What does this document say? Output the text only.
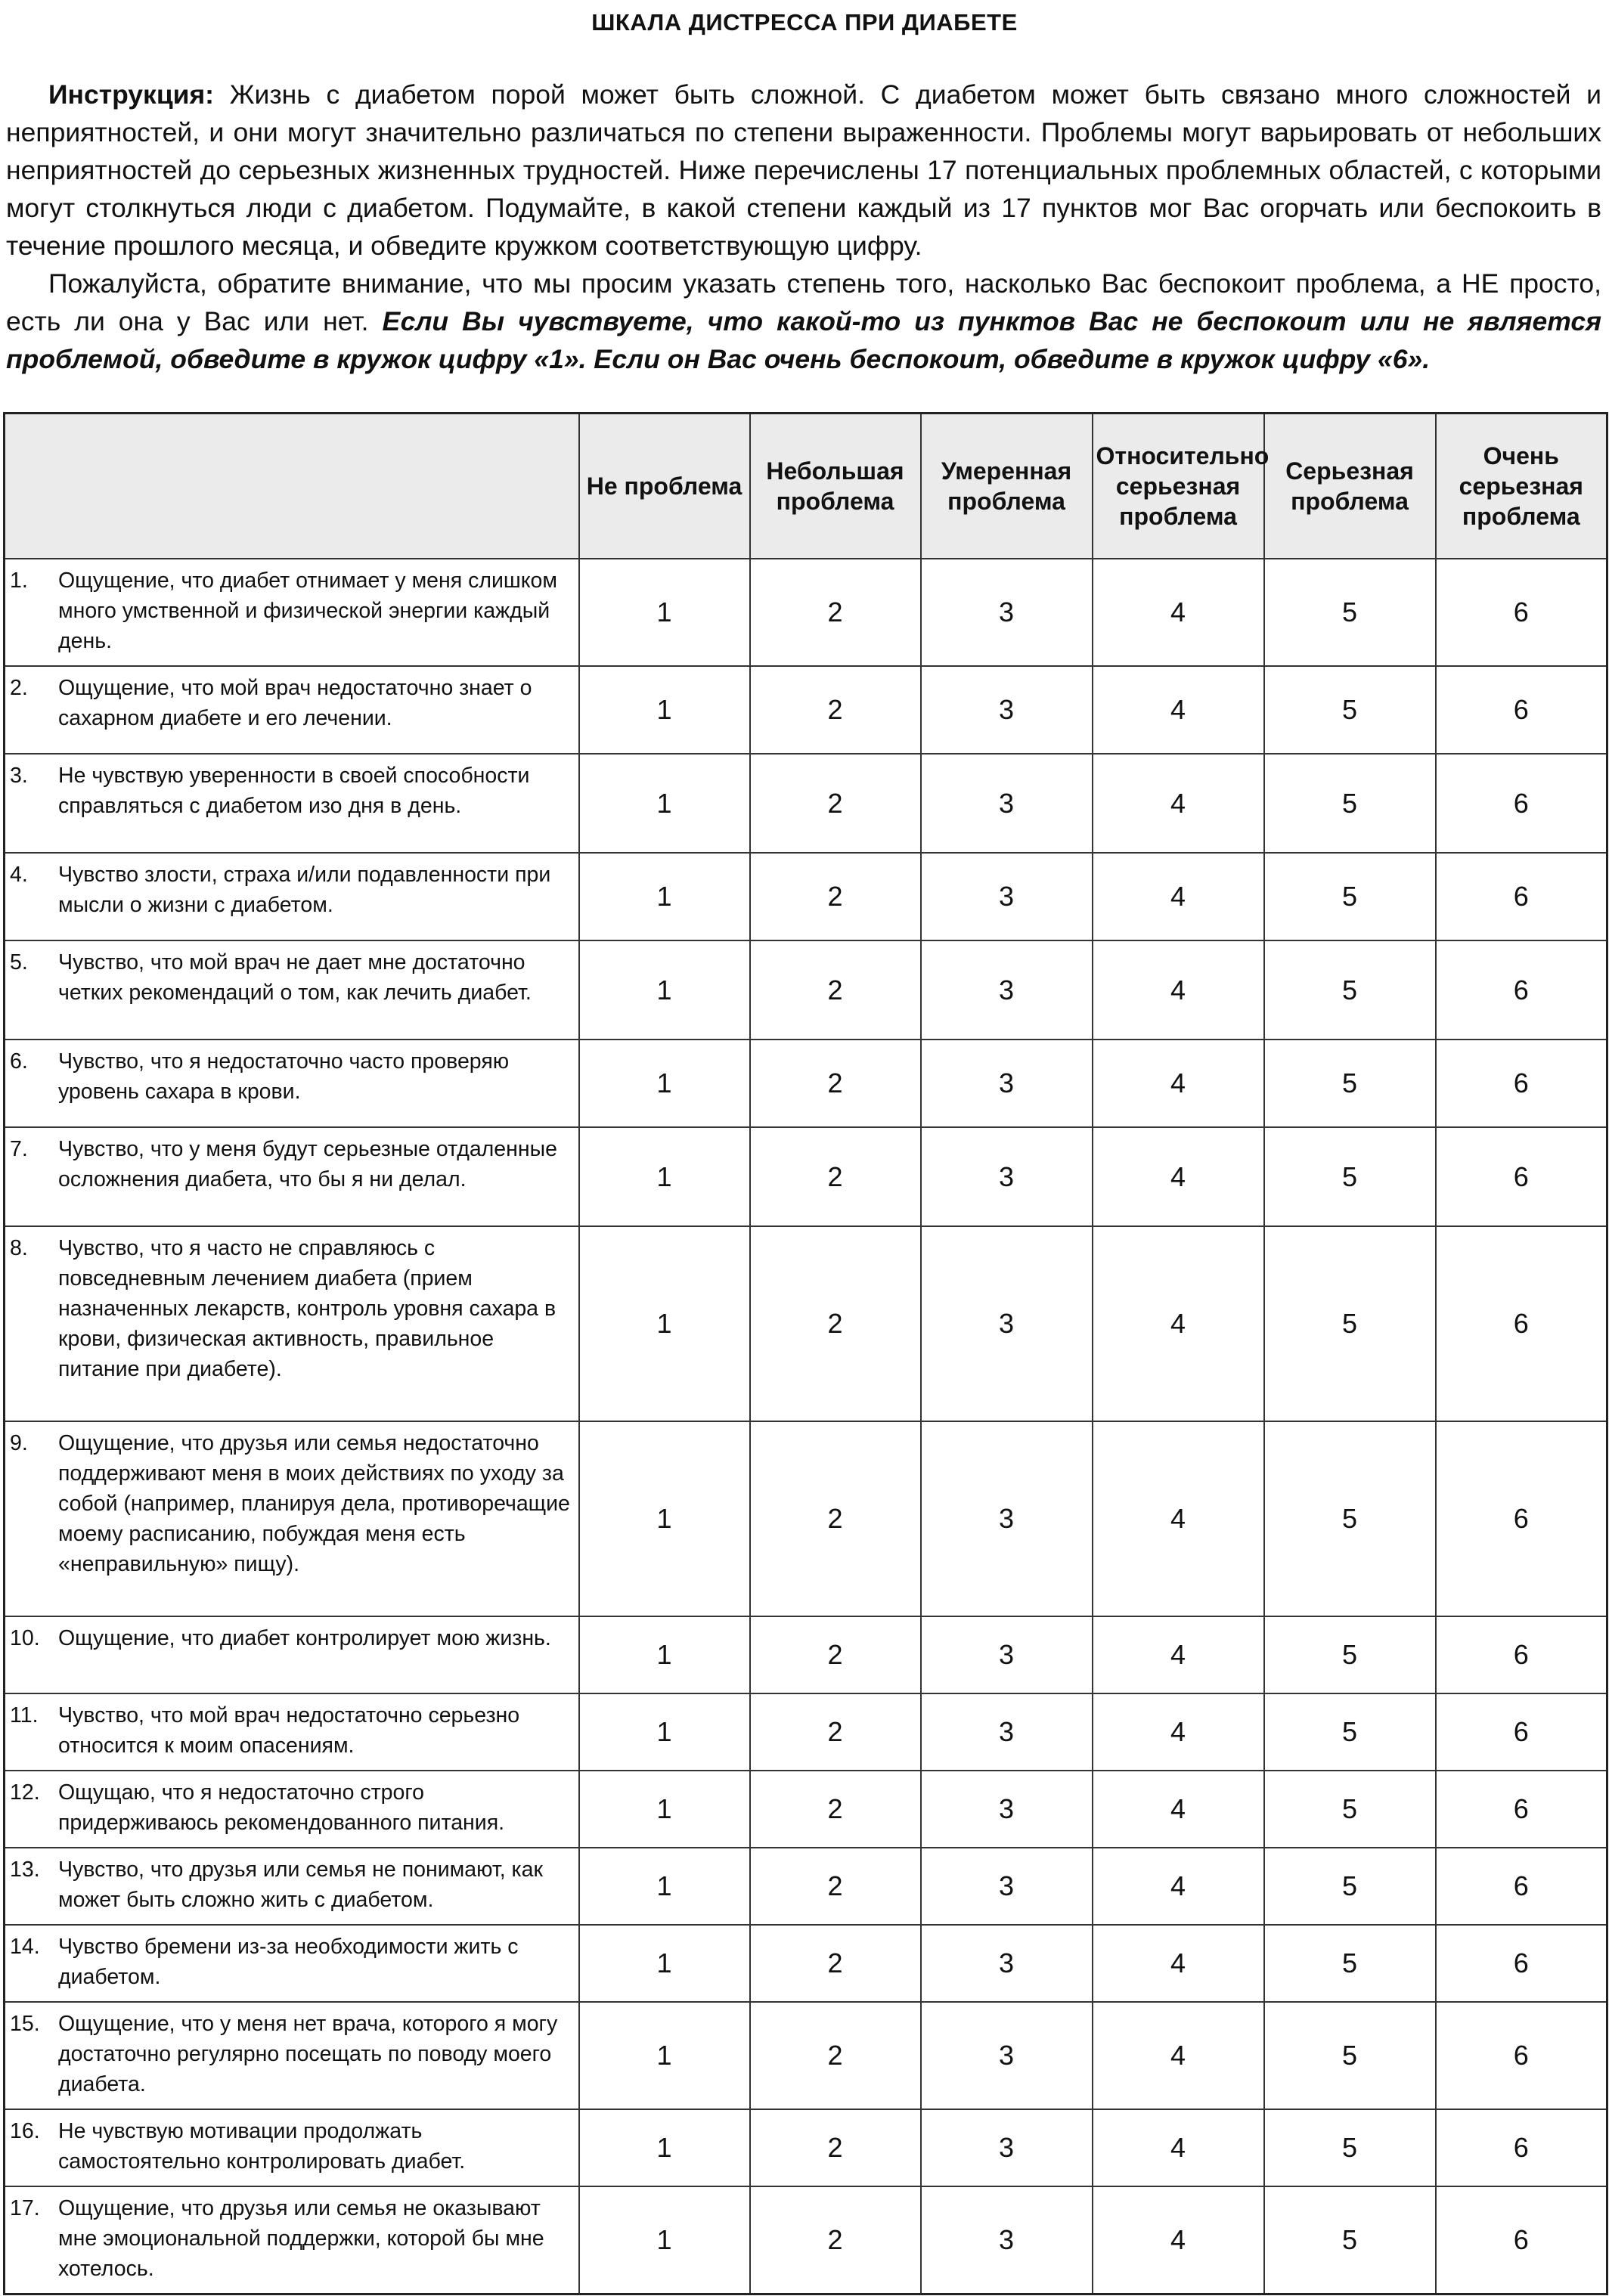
ШКАЛА ДИСТРЕССА ПРИ ДИАБЕТЕ

Инструкция: Жизнь с диабетом порой может быть сложной. С диабетом может быть связано много сложностей и неприятностей, и они могут значительно различаться по степени выраженности. Проблемы могут варьировать от небольших неприятностей до серьезных жизненных трудностей. Ниже перечислены 17 потенциальных проблемных областей, с которыми могут столкнуться люди с диабетом. Подумайте, в какой степени каждый из 17 пунктов мог Вас огорчать или беспокоить в течение прошлого месяца, и обведите кружком соответствующую цифру.

Пожалуйста, обратите внимание, что мы просим указать степень того, насколько Вас беспокоит проблема, а НЕ просто, есть ли она у Вас или нет. Если Вы чувствуете, что какой-то из пунктов Вас не беспокоит или не является проблемой, обведите в кружок цифру «1». Если он Вас очень беспокоит, обведите в кружок цифру «6».

	Не проблема	Небольшая проблема	Умеренная проблема	Относительно серьезная проблема	Серьезная проблема	Очень серьезная проблема

1. Ощущение, что диабет отнимает у меня слишком много умственной и физической энергии каждый день.	1	2	3	4	5	6

2. Ощущение, что мой врач недостаточно знает о сахарном диабете и его лечении.	1	2	3	4	5	6

3. Не чувствую уверенности в своей способности справляться с диабетом изо дня в день.	1	2	3	4	5	6

4. Чувство злости, страха и/или подавленности при мысли о жизни с диабетом.	1	2	3	4	5	6

5. Чувство, что мой врач не дает мне достаточно четких рекомендаций о том, как лечить диабет.	1	2	3	4	5	6

6. Чувство, что я недостаточно часто проверяю уровень сахара в крови.	1	2	3	4	5	6

7. Чувство, что у меня будут серьезные отдаленные осложнения диабета, что бы я ни делал.	1	2	3	4	5	6

8. Чувство, что я часто не справляюсь с повседневным лечением диабета (прием назначенных лекарств, контроль уровня сахара в крови, физическая активность, правильное питание при диабете).	1	2	3	4	5	6

9. Ощущение, что друзья или семья недостаточно поддерживают меня в моих действиях по уходу за собой (например, планируя дела, противоречащие моему расписанию, побуждая меня есть «неправильную» пищу).	1	2	3	4	5	6

10. Ощущение, что диабет контролирует мою жизнь.	1	2	3	4	5	6

11. Чувство, что мой врач недостаточно серьезно относится к моим опасениям.	1	2	3	4	5	6

12. Ощущаю, что я недостаточно строго придерживаюсь рекомендованного питания.	1	2	3	4	5	6

13. Чувство, что друзья или семья не понимают, как может быть сложно жить с диабетом.	1	2	3	4	5	6

14. Чувство бремени из-за необходимости жить с диабетом.	1	2	3	4	5	6

15. Ощущение, что у меня нет врача, которого я могу достаточно регулярно посещать по поводу моего диабета.	1	2	3	4	5	6

16. Не чувствую мотивации продолжать самостоятельно контролировать диабет.	1	2	3	4	5	6

17. Ощущение, что друзья или семья не оказывают мне эмоциональной поддержки, которой бы мне хотелось.	1	2	3	4	5	6
